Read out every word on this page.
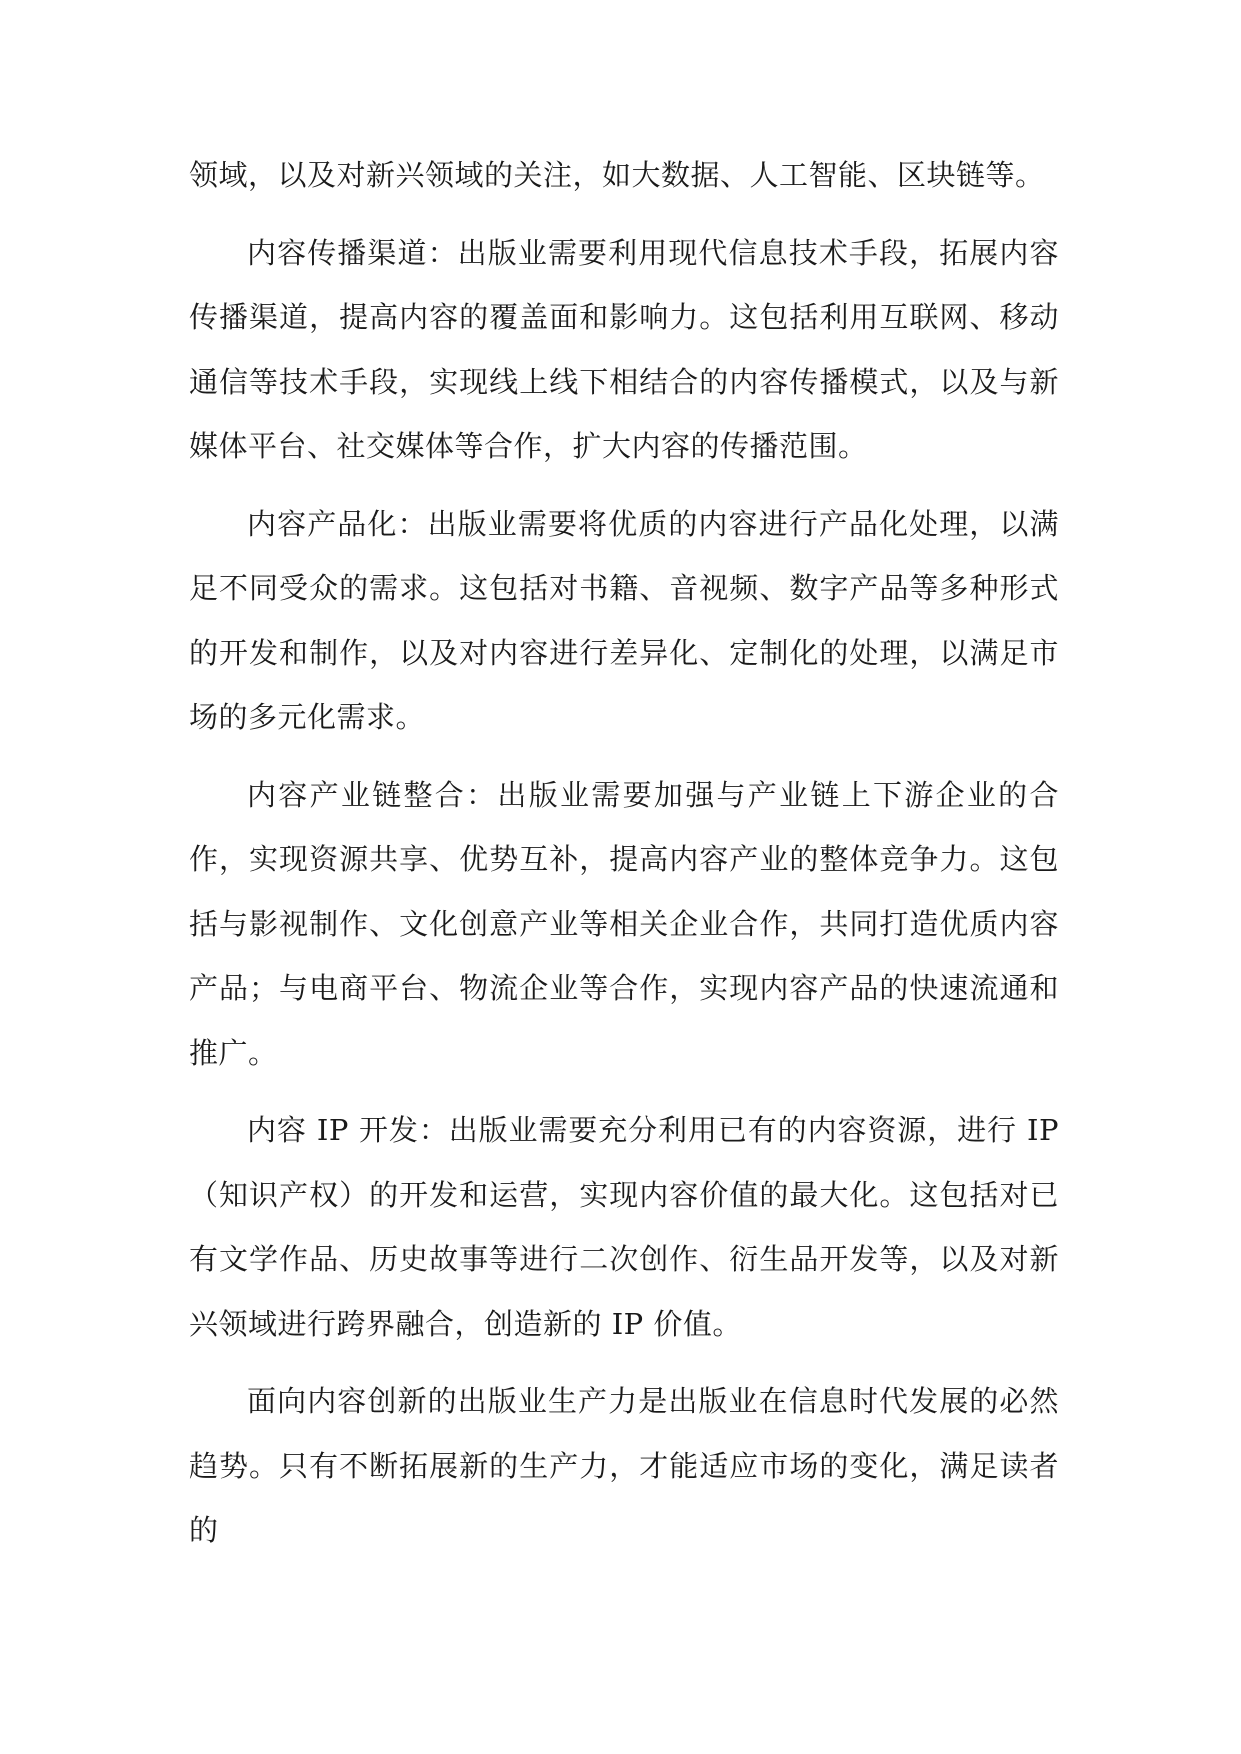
领域，以及对新兴领域的关注，如大数据、人工智能、区块链等。

内容传播渠道：出版业需要利用现代信息技术手段，拓展内容传播渠道，提高内容的覆盖面和影响力。这包括利用互联网、移动通信等技术手段，实现线上线下相结合的内容传播模式，以及与新媒体平台、社交媒体等合作，扩大内容的传播范围。

内容产品化：出版业需要将优质的内容进行产品化处理，以满足不同受众的需求。这包括对书籍、音视频、数字产品等多种形式的开发和制作，以及对内容进行差异化、定制化的处理，以满足市场的多元化需求。

内容产业链整合：出版业需要加强与产业链上下游企业的合作，实现资源共享、优势互补，提高内容产业的整体竞争力。这包括与影视制作、文化创意产业等相关企业合作，共同打造优质内容产品；与电商平台、物流企业等合作，实现内容产品的快速流通和推广。

内容 IP 开发：出版业需要充分利用已有的内容资源，进行 IP（知识产权）的开发和运营，实现内容价值的最大化。这包括对已有文学作品、历史故事等进行二次创作、衍生品开发等，以及对新兴领域进行跨界融合，创造新的 IP 价值。

面向内容创新的出版业生产力是出版业在信息时代发展的必然趋势。只有不断拓展新的生产力，才能适应市场的变化，满足读者的
